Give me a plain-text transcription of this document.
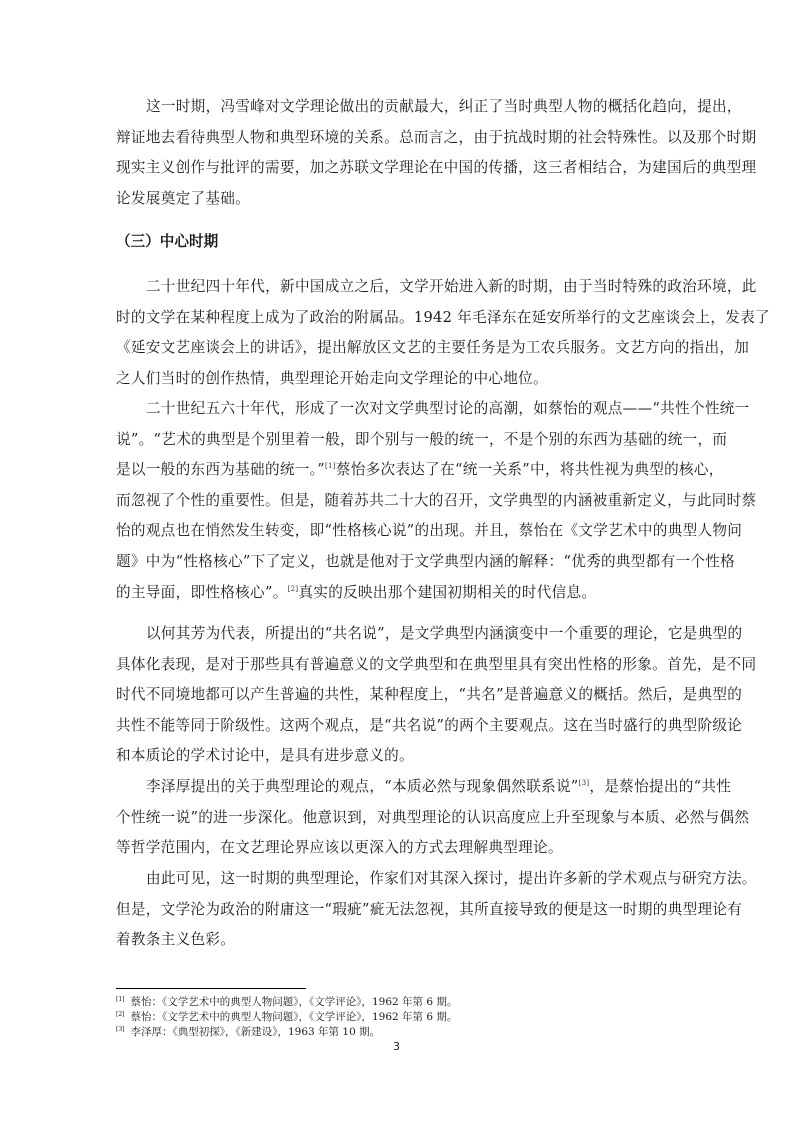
这一时期，冯雪峰对文学理论做出的贡献最大，纠正了当时典型人物的概括化趋向，提出，
辩证地去看待典型人物和典型环境的关系。总而言之，由于抗战时期的社会特殊性。以及那个时期
现实主义创作与批评的需要，加之苏联文学理论在中国的传播，这三者相结合，为建国后的典型理
论发展奠定了基础。
（三）中心时期
二十世纪四十年代，新中国成立之后，文学开始进入新的时期，由于当时特殊的政治环境，此
时的文学在某种程度上成为了政治的附属品。1942 年毛泽东在延安所举行的文艺座谈会上，发表了
《延安文艺座谈会上的讲话》，提出解放区文艺的主要任务是为工农兵服务。文艺方向的指出，加
之人们当时的创作热情，典型理论开始走向文学理论的中心地位。
二十世纪五六十年代，形成了一次对文学典型讨论的高潮，如蔡怡的观点——“共性个性统一
说”。“艺术的典型是个别里着一般，即个别与一般的统一，不是个别的东西为基础的统一，而
是以一般的东西为基础的统一。”[1]蔡怡多次表达了在“统一关系”中，将共性视为典型的核心，
而忽视了个性的重要性。但是，随着苏共二十大的召开，文学典型的内涵被重新定义，与此同时蔡
怡的观点也在悄然发生转变，即“性格核心说”的出现。并且，蔡怡在《文学艺术中的典型人物问
题》中为“性格核心”下了定义，也就是他对于文学典型内涵的解释：“优秀的典型都有一个性格
的主导面，即性格核心”。[2]真实的反映出那个建国初期相关的时代信息。
以何其芳为代表，所提出的“共名说”，是文学典型内涵演变中一个重要的理论，它是典型的
具体化表现，是对于那些具有普遍意义的文学典型和在典型里具有突出性格的形象。首先，是不同
时代不同境地都可以产生普遍的共性，某种程度上，“共名”是普遍意义的概括。然后，是典型的
共性不能等同于阶级性。这两个观点，是“共名说”的两个主要观点。这在当时盛行的典型阶级论
和本质论的学术讨论中，是具有进步意义的。
李泽厚提出的关于典型理论的观点，“本质必然与现象偶然联系说”[3]，是蔡怡提出的“共性
个性统一说”的进一步深化。他意识到，对典型理论的认识高度应上升至现象与本质、必然与偶然
等哲学范围内，在文艺理论界应该以更深入的方式去理解典型理论。
由此可见，这一时期的典型理论，作家们对其深入探讨，提出许多新的学术观点与研究方法。
但是，文学沦为政治的附庸这一“瑕疵”疵无法忽视，其所直接导致的便是这一时期的典型理论有
着教条主义色彩。
[1] 蔡怡：《文学艺术中的典型人物问题》，《文学评论》，1962 年第 6 期。
[2] 蔡怡：《文学艺术中的典型人物问题》，《文学评论》，1962 年第 6 期。
[3] 李泽厚：《典型初探》，《新建设》，1963 年第 10 期。
3
